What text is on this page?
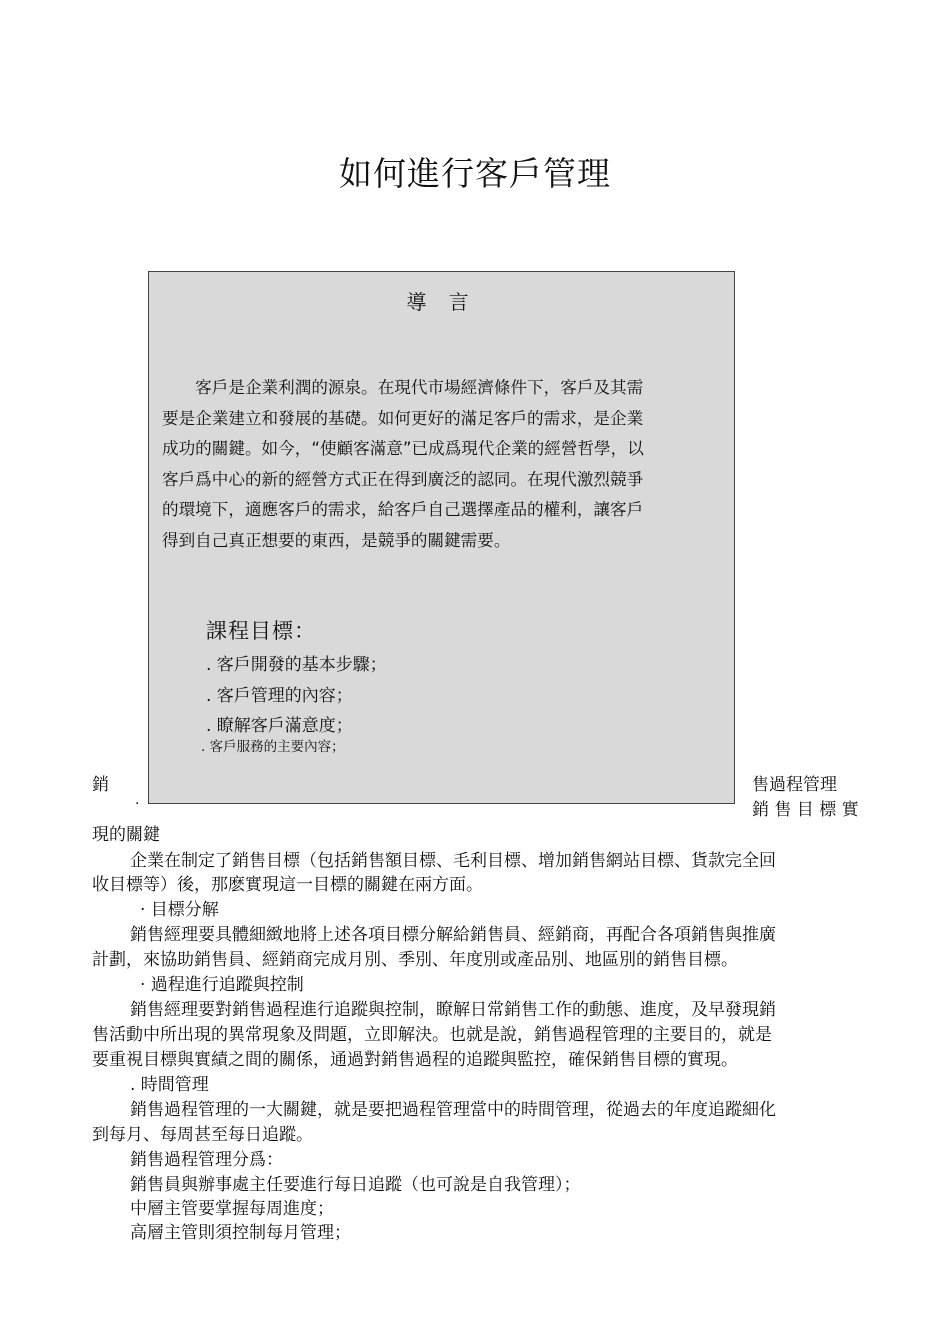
如何進行客戶管理
導 言
　　客戶是企業利潤的源泉。在現代市場經濟條件下，客戶及其需
要是企業建立和發展的基礎。如何更好的滿足客戶的需求，是企業
成功的關鍵。如今，“使顧客滿意”已成爲現代企業的經營哲學，以
客戶爲中心的新的經營方式正在得到廣泛的認同。在現代激烈競爭
的環境下，適應客戶的需求，給客戶自己選擇產品的權利，讓客戶
得到自己真正想要的東西，是競爭的關鍵需要。
課程目標：
. 客戶開發的基本步驟；
. 客戶管理的內容；
. 瞭解客戶滿意度；
. 客戶服務的主要內容；
銷	售過程管理
銷 售 目 標 實
·
現的關鍵
企業在制定了銷售目標（包括銷售額目標、毛利目標、增加銷售網站目標、貨款完全回
收目標等）後，那麽實現這一目標的關鍵在兩方面。
· 目標分解
銷售經理要具體細緻地將上述各項目標分解給銷售員、經銷商，再配合各項銷售與推廣
計劃，來協助銷售員、經銷商完成月別、季別、年度別或產品別、地區別的銷售目標。
· 過程進行追蹤與控制
銷售經理要對銷售過程進行追蹤與控制，瞭解日常銷售工作的動態、進度，及早發現銷
售活動中所出現的異常現象及問題，立即解決。也就是說，銷售過程管理的主要目的，就是
要重視目標與實績之間的關係，通過對銷售過程的追蹤與監控，確保銷售目標的實現。
. 時間管理
銷售過程管理的一大關鍵，就是要把過程管理當中的時間管理，從過去的年度追蹤細化
到每月、每周甚至每日追蹤。
銷售過程管理分爲：
銷售員與辦事處主任要進行每日追蹤（也可說是自我管理）；
中層主管要掌握每周進度；
高層主管則須控制每月管理；
